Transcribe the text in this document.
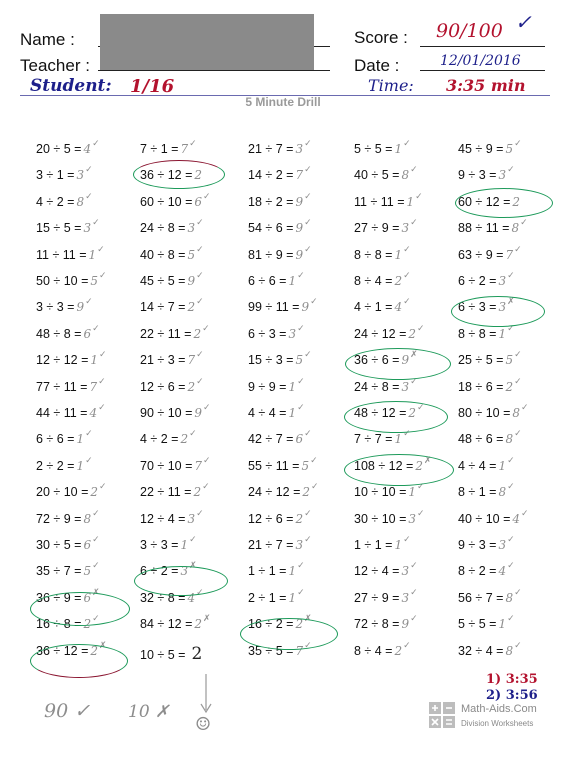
Name :
Teacher :
Score : 90/100 ✓
Date :	12/01/2016
Student: 1/16	Time: 3:35 min
5 Minute Drill
20 ÷ 5 = 4✓
3 ÷ 1 = 3✓
4 ÷ 2 = 8✓
15 ÷ 5 = 3✓
11 ÷ 11 = 1✓
50 ÷ 10 = 5✓
3 ÷ 3 = 9✓
48 ÷ 8 = 6✓
12 ÷ 12 = 1✓
77 ÷ 11 = 7✓
44 ÷ 11 = 4✓
6 ÷ 6 = 1✓
2 ÷ 2 = 1✓
20 ÷ 10 = 2✓
72 ÷ 9 = 8✓
30 ÷ 5 = 6✓
35 ÷ 7 = 5✓
36 ÷ 9 = 6✗
16 ÷ 8 = 2✓
36 ÷ 12 = 2✗
7 ÷ 1 = 7✓
36 ÷ 12 = 2
60 ÷ 10 = 6✓
24 ÷ 8 = 3✓
40 ÷ 8 = 5✓
45 ÷ 5 = 9✓
14 ÷ 7 = 2✓
22 ÷ 11 = 2✓
21 ÷ 3 = 7✓
12 ÷ 6 = 2✓
90 ÷ 10 = 9✓
4 ÷ 2 = 2✓
70 ÷ 10 = 7✓
22 ÷ 11 = 2✓
12 ÷ 4 = 3✓
3 ÷ 3 = 1✓
6 ÷ 2 = 3✗
32 ÷ 8 = 4✓
84 ÷ 12 = 2✗
10 ÷ 5 = 2
21 ÷ 7 = 3✓
14 ÷ 2 = 7✓
18 ÷ 2 = 9✓
54 ÷ 6 = 9✓
81 ÷ 9 = 9✓
6 ÷ 6 = 1✓
99 ÷ 11 = 9✓
6 ÷ 3 = 3✓
15 ÷ 3 = 5✓
9 ÷ 9 = 1✓
4 ÷ 4 = 1✓
42 ÷ 7 = 6✓
55 ÷ 11 = 5✓
24 ÷ 12 = 2✓
12 ÷ 6 = 2✓
21 ÷ 7 = 3✓
1 ÷ 1 = 1✓
2 ÷ 1 = 1✓
16 ÷ 2 = 2✗
35 ÷ 5 = 7✓
5 ÷ 5 = 1✓
40 ÷ 5 = 8✓
11 ÷ 11 = 1✓
27 ÷ 9 = 3✓
8 ÷ 8 = 1✓
8 ÷ 4 = 2✓
4 ÷ 1 = 4✓
24 ÷ 12 = 2✓
36 ÷ 6 = 9✗
24 ÷ 8 = 3✓
48 ÷ 12 = 2✓
7 ÷ 7 = 1✓
108 ÷ 12 = 2✗
10 ÷ 10 = 1✓
30 ÷ 10 = 3✓
1 ÷ 1 = 1✓
12 ÷ 4 = 3✓
27 ÷ 9 = 3✓
72 ÷ 8 = 9✓
8 ÷ 4 = 2✓
45 ÷ 9 = 5✓
9 ÷ 3 = 3✓
60 ÷ 12 = 2
88 ÷ 11 = 8✓
63 ÷ 9 = 7✓
6 ÷ 2 = 3✓
6 ÷ 3 = 3✗
8 ÷ 8 = 1✓
25 ÷ 5 = 5✓
18 ÷ 6 = 2✓
80 ÷ 10 = 8✓
48 ÷ 6 = 8✓
4 ÷ 4 = 1✓
8 ÷ 1 = 8✓
40 ÷ 10 = 4✓
9 ÷ 3 = 3✓
8 ÷ 2 = 4✓
56 ÷ 7 = 8✓
5 ÷ 5 = 1✓
32 ÷ 4 = 8✓
1) 3:35
2) 3:56
90 ✓ 10 ✗
☺
Math-Aids.Com
Division Worksheets
